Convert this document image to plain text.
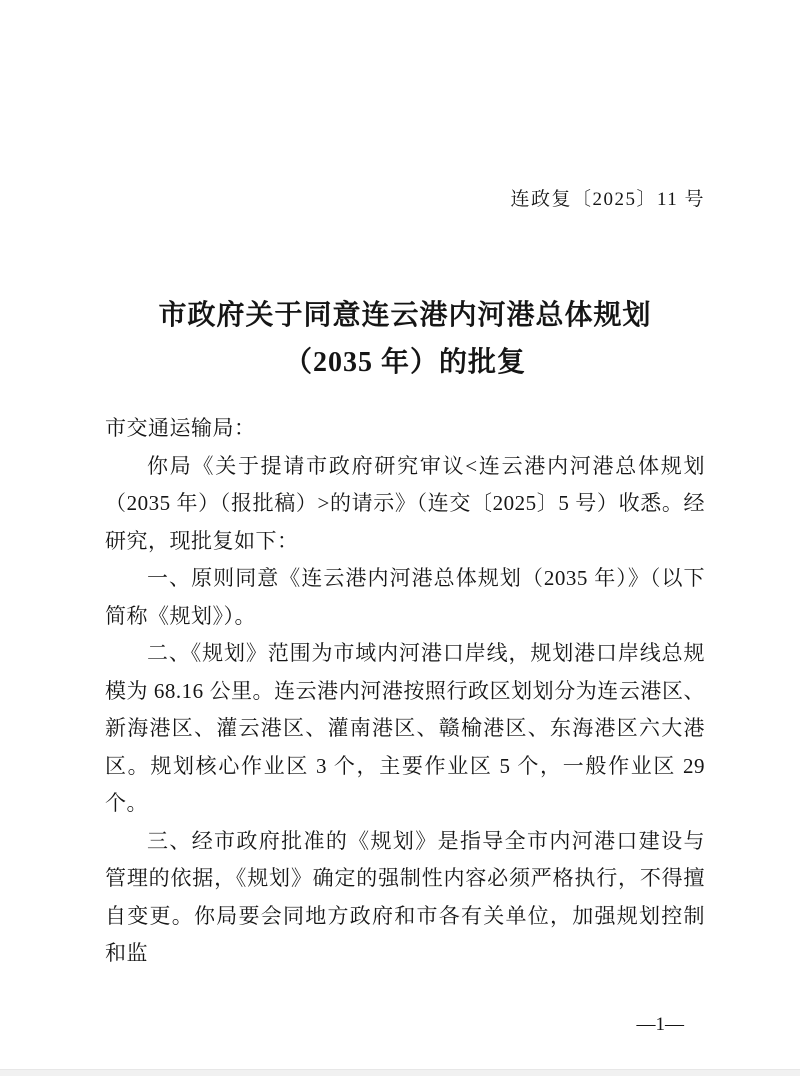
连政复〔2025〕11 号
市政府关于同意连云港内河港总体规划
（2035 年）的批复

市交通运输局：

你局《关于提请市政府研究审议<连云港内河港总体规划（2035 年）（报批稿）>的请示》（连交〔2025〕5 号）收悉。经研究，现批复如下：

一、原则同意《连云港内河港总体规划（2035 年）》（以下简称《规划》）。

二、《规划》范围为市域内河港口岸线，规划港口岸线总规模为 68.16 公里。连云港内河港按照行政区划划分为连云港区、新海港区、灌云港区、灌南港区、赣榆港区、东海港区六大港区。规划核心作业区 3 个，主要作业区 5 个，一般作业区 29 个。

三、经市政府批准的《规划》是指导全市内河港口建设与管理的依据，《规划》确定的强制性内容必须严格执行，不得擅自变更。你局要会同地方政府和市各有关单位，加强规划控制和监

—1—
